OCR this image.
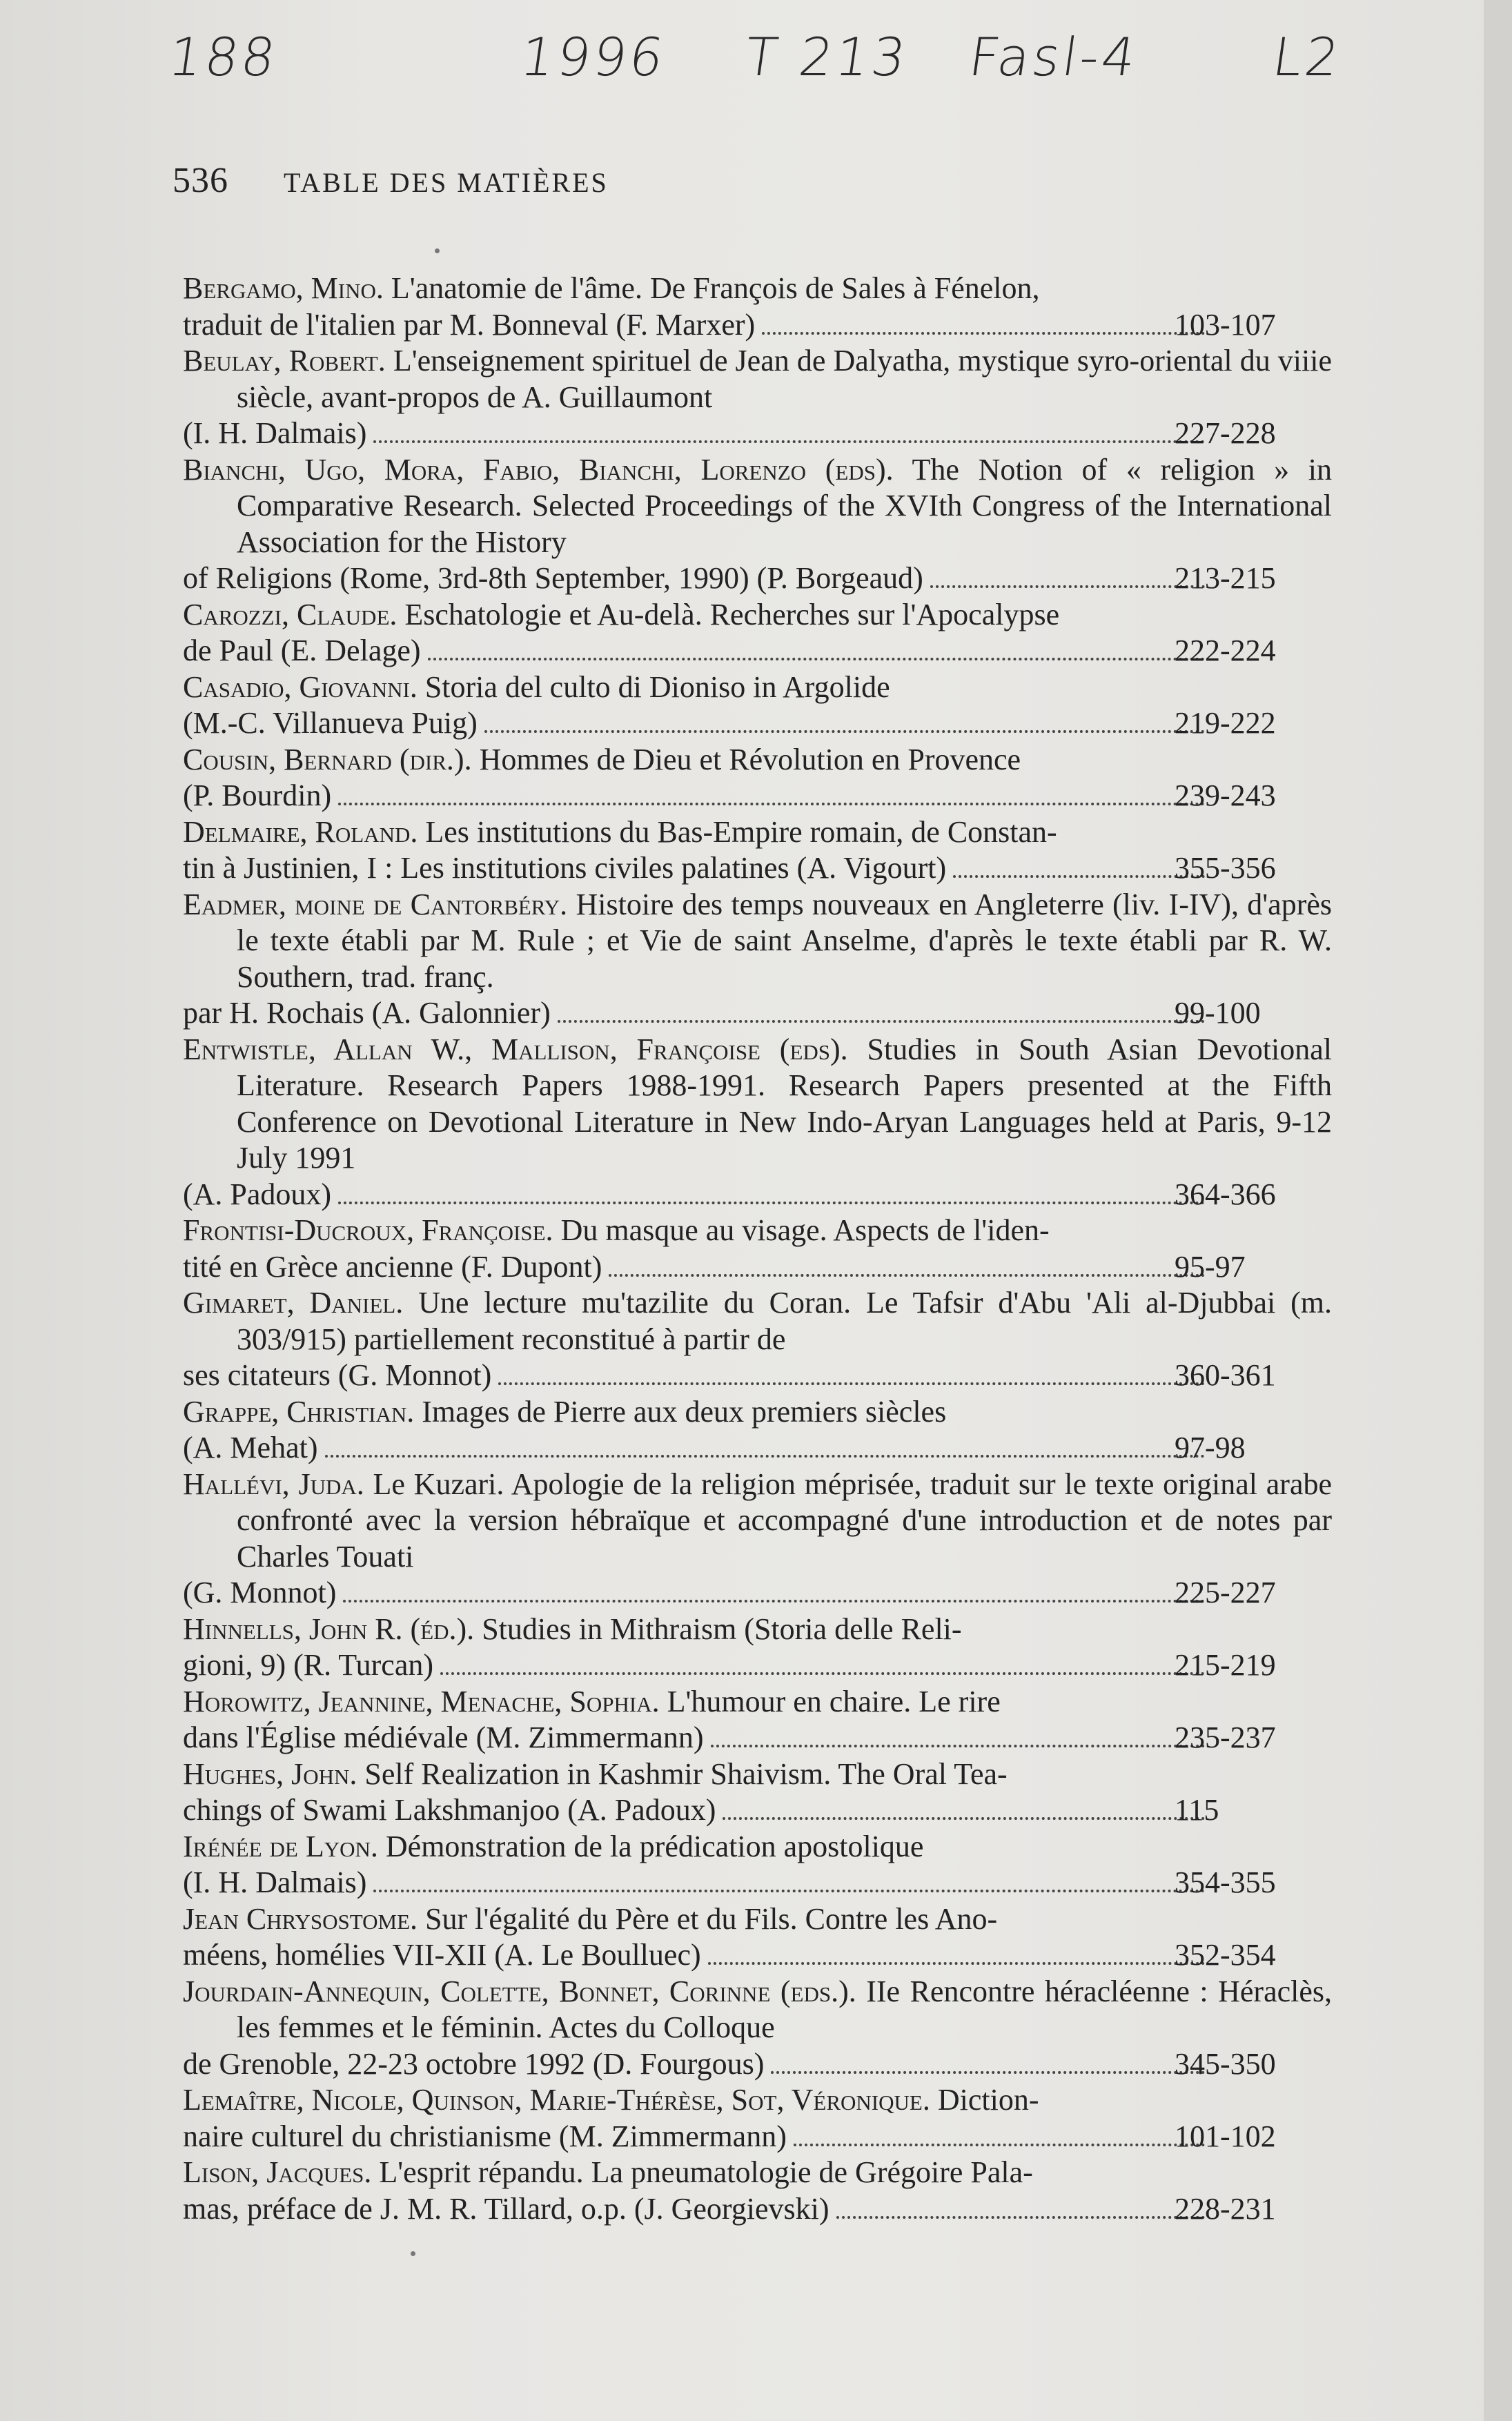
188	1996 T 213 Fasl-4 L2
536 TABLE DES MATIÈRES
Bergamo, Mino. L'anatomie de l'âme. De François de Sales à Fénelon,
traduit de l'italien par M. Bonneval (F. Marxer)	103-107
Beulay, Robert. L'enseignement spirituel de Jean de Dalyatha, mystique syro-oriental du viiie siècle, avant-propos de A. Guillaumont
(I. H. Dalmais)	227-228
Bianchi, Ugo, Mora, Fabio, Bianchi, Lorenzo (eds). The Notion of « religion » in Comparative Research. Selected Proceedings of the XVIth Congress of the International Association for the History
of Religions (Rome, 3rd-8th September, 1990) (P. Borgeaud)	213-215
Carozzi, Claude. Eschatologie et Au-delà. Recherches sur l'Apocalypse
de Paul (E. Delage)	222-224
Casadio, Giovanni. Storia del culto di Dioniso in Argolide
(M.-C. Villanueva Puig)	219-222
Cousin, Bernard (dir.). Hommes de Dieu et Révolution en Provence
(P. Bourdin)	239-243
Delmaire, Roland. Les institutions du Bas-Empire romain, de Constan-
tin à Justinien, I : Les institutions civiles palatines (A. Vigourt)	355-356
Eadmer, moine de Cantorbéry. Histoire des temps nouveaux en Angleterre (liv. I-IV), d'après le texte établi par M. Rule ; et Vie de saint Anselme, d'après le texte établi par R. W. Southern, trad. franç.
par H. Rochais (A. Galonnier)	99-100
Entwistle, Allan W., Mallison, Françoise (eds). Studies in South Asian Devotional Literature. Research Papers 1988-1991. Research Papers presented at the Fifth Conference on Devotional Literature in New Indo-Aryan Languages held at Paris, 9-12 July 1991
(A. Padoux)	364-366
Frontisi-Ducroux, Françoise. Du masque au visage. Aspects de l'iden-
tité en Grèce ancienne (F. Dupont)	95-97
Gimaret, Daniel. Une lecture mu'tazilite du Coran. Le Tafsir d'Abu 'Ali al-Djubbai (m. 303/915) partiellement reconstitué à partir de
ses citateurs (G. Monnot)	360-361
Grappe, Christian. Images de Pierre aux deux premiers siècles
(A. Mehat)	97-98
Hallévi, Juda. Le Kuzari. Apologie de la religion méprisée, traduit sur le texte original arabe confronté avec la version hébraïque et accompagné d'une introduction et de notes par Charles Touati
(G. Monnot)	225-227
Hinnells, John R. (éd.). Studies in Mithraism (Storia delle Reli-
gioni, 9) (R. Turcan)	215-219
Horowitz, Jeannine, Menache, Sophia. L'humour en chaire. Le rire
dans l'Église médiévale (M. Zimmermann)	235-237
Hughes, John. Self Realization in Kashmir Shaivism. The Oral Tea-
chings of Swami Lakshmanjoo (A. Padoux)	115
Irénée de Lyon. Démonstration de la prédication apostolique
(I. H. Dalmais)	354-355
Jean Chrysostome. Sur l'égalité du Père et du Fils. Contre les Ano-
méens, homélies VII-XII (A. Le Boulluec)	352-354
Jourdain-Annequin, Colette, Bonnet, Corinne (eds.). IIe Rencontre héracléenne : Héraclès, les femmes et le féminin. Actes du Colloque
de Grenoble, 22-23 octobre 1992 (D. Fourgous)	345-350
Lemaître, Nicole, Quinson, Marie-Thérèse, Sot, Véronique. Diction-
naire culturel du christianisme (M. Zimmermann)	101-102
Lison, Jacques. L'esprit répandu. La pneumatologie de Grégoire Pala-
mas, préface de J. M. R. Tillard, o.p. (J. Georgievski)	228-231
